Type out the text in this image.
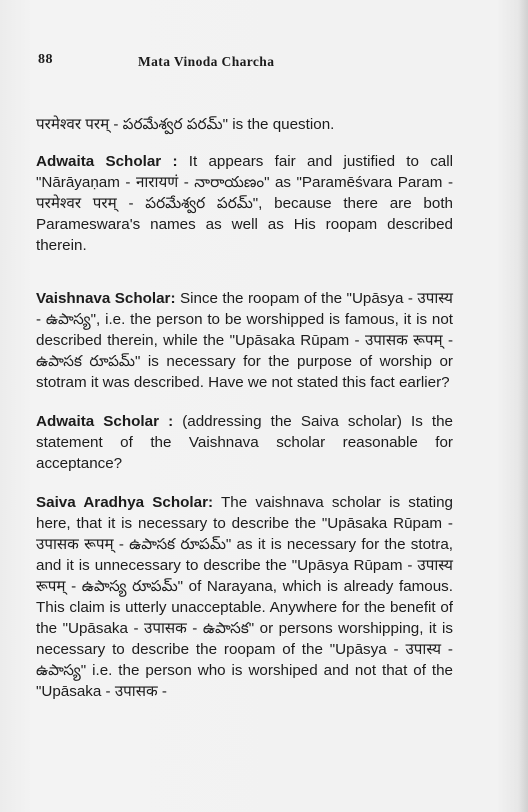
88	Mata Vinoda Charcha

परमेश्वर परम् - పరమేశ్వర పరమ్" is the question.

Adwaita Scholar : It appears fair and justified to call "Nārāyaṇam - नारायणं - నారాయణం" as "Paramēśvara Param - परमेश्वर परम् - పరమేశ్వర పరమ్", because there are both Parameswara's names as well as His roopam described therein.

Vaishnava Scholar: Since the roopam of the "Upāsya - उपास्य - ఉపాస్య", i.e. the person to be worshipped is famous, it is not described therein, while the "Upāsaka Rūpam - उपासक रूपम् - ఉపాసక రూపమ్" is necessary for the purpose of worship or stotram it was described. Have we not stated this fact earlier?

Adwaita Scholar : (addressing the Saiva scholar) Is the statement of the Vaishnava scholar reasonable for acceptance?

Saiva Aradhya Scholar: The vaishnava scholar is stating here, that it is necessary to describe the "Upāsaka Rūpam - उपासक रूपम् - ఉపాసక రూపమ్" as it is necessary for the stotra, and it is unnecessary to describe the "Upāsya Rūpam - उपास्य रूपम् - ఉపాస్య రూపమ్" of Narayana, which is already famous. This claim is utterly unacceptable. Anywhere for the benefit of the "Upāsaka - उपासक - ఉపాసక" or persons worshipping, it is necessary to describe the roopam of the "Upāsya - उपास्य - ఉపాస్య" i.e. the person who is worshiped and not that of the "Upāsaka - उपासक -
